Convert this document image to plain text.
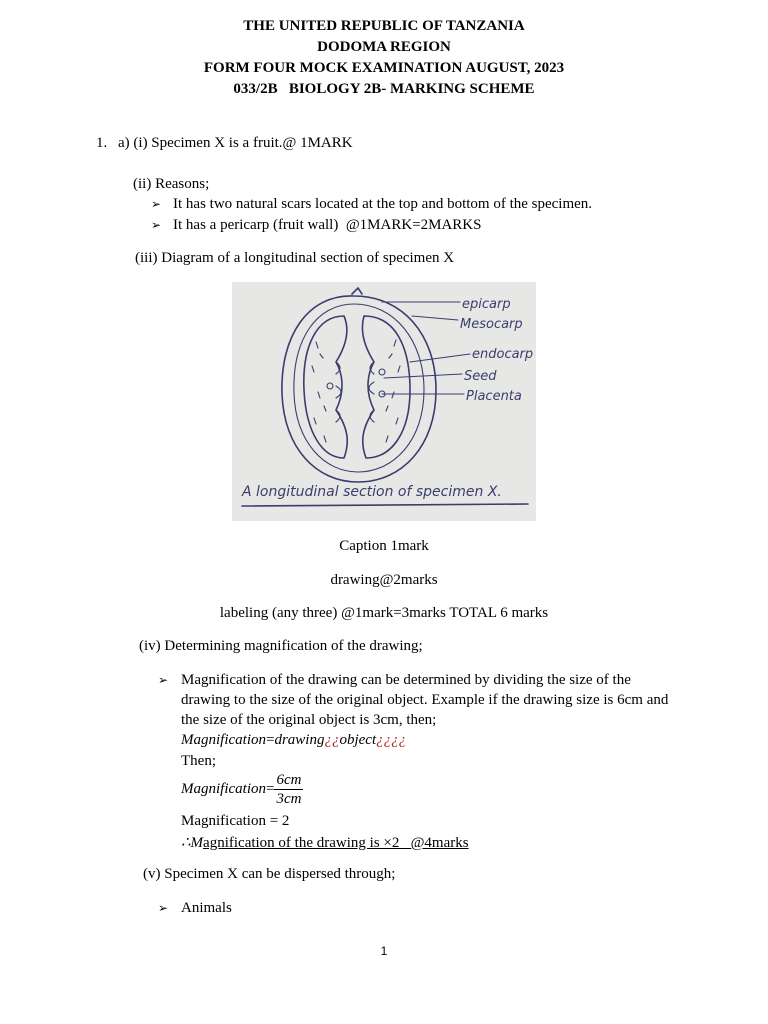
THE UNITED REPUBLIC OF TANZANIA
DODOMA REGION
FORM FOUR MOCK EXAMINATION AUGUST, 2023
033/2B   BIOLOGY 2B- MARKING SCHEME
1. a) (i) Specimen X is a fruit.@ 1MARK
(ii) Reasons;
➢ It has two natural scars located at the top and bottom of the specimen.
➢ It has a pericarp (fruit wall)  @1MARK=2MARKS
(iii) Diagram of a longitudinal section of specimen X
epicarp
Mesocarp
endocarp
Seed
Placenta
A longitudinal section of specimen X.
Caption 1mark
drawing@2marks
labeling (any three) @1mark=3marks TOTAL 6 marks
(iv) Determining magnification of the drawing;
➢ Magnification of the drawing can be determined by dividing the size of the
drawing to the size of the original object. Example if the drawing size is 6cm and
the size of the original object is 3cm, then;
Magnification=drawing¿¿object¿¿¿¿
Then;
Magnification= $\frac{6cm}{3cm}$
Magnification = 2
∴Magnification of the drawing is ×2   @4marks
(v) Specimen X can be dispersed through;
➢ Animals
1
